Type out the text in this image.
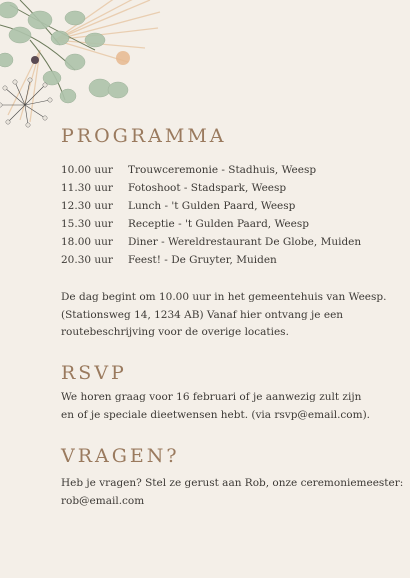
PROGRAMMA
10.00 uur	Trouwceremonie - Stadhuis, Weesp
11.30 uur	Fotoshoot - Stadspark, Weesp
12.30 uur	Lunch - 't Gulden Paard, Weesp
15.30 uur	Receptie - 't Gulden Paard, Weesp
18.00 uur	Diner - Wereldrestaurant De Globe, Muiden
20.30 uur	Feest! - De Gruyter, Muiden
De dag begint om 10.00 uur in het gemeentehuis van Weesp.
(Stationsweg 14, 1234 AB) Vanaf hier ontvang je een
routebeschrijving voor de overige locaties.
RSVP
We horen graag voor 16 februari of je aanwezig zult zijn
en of je speciale dieetwensen hebt. (via rsvp@email.com).
VRAGEN?
Heb je vragen? Stel ze gerust aan Rob, onze ceremoniemeester:
rob@email.com
